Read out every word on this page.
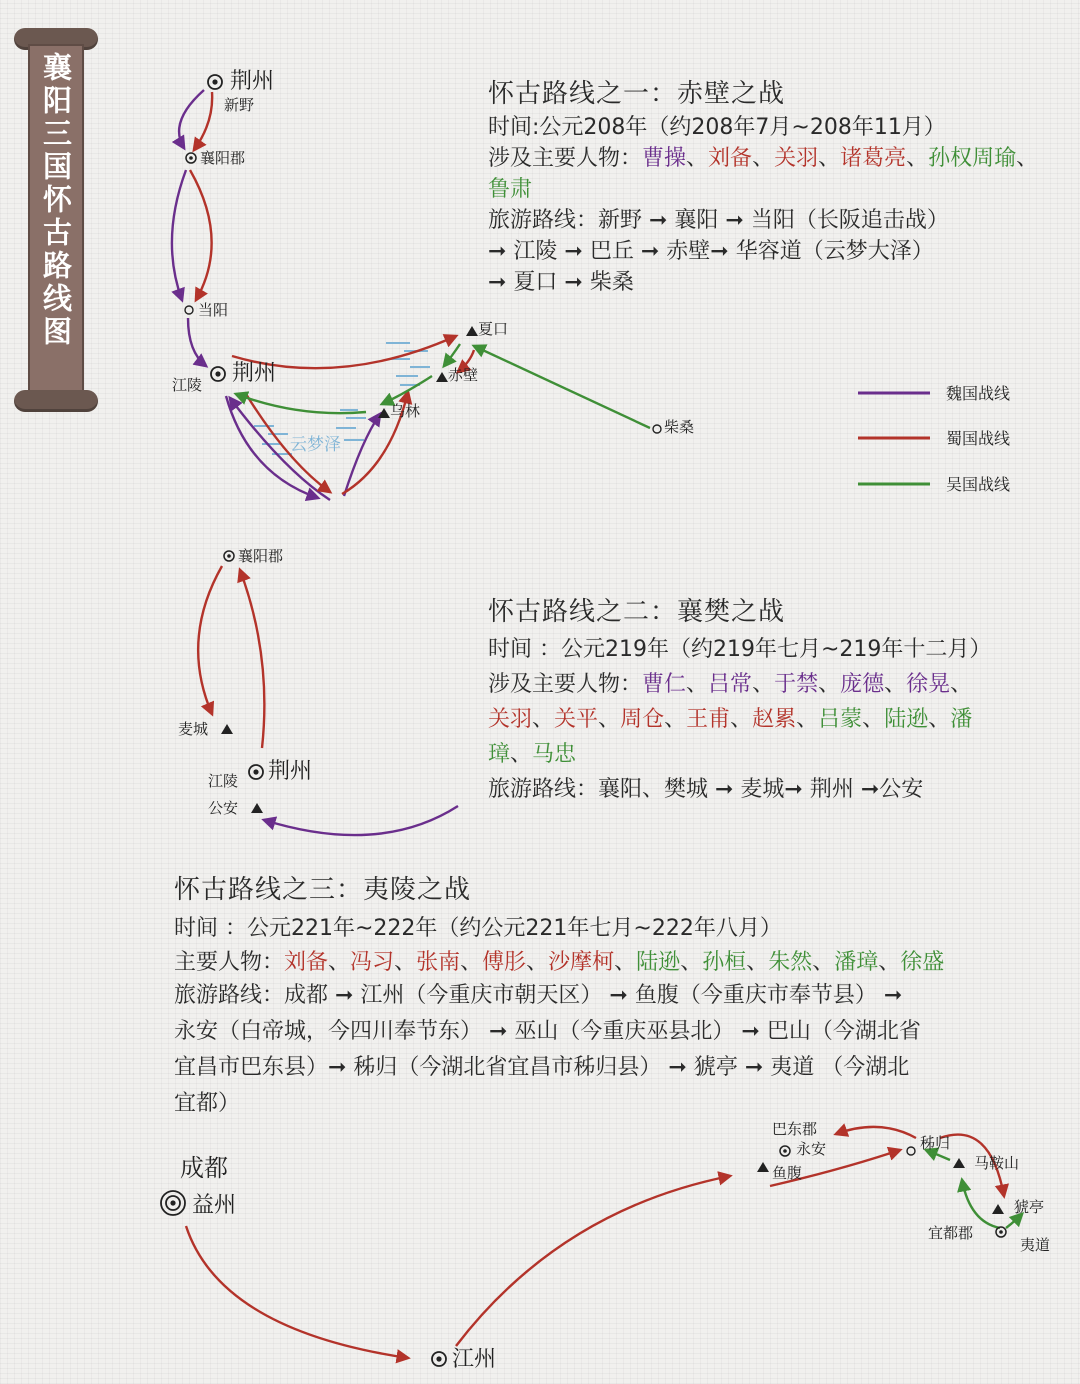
襄阳三国怀古路线图	荆州
新野
襄阳郡
当阳
江陵 荆州
夏口
赤壁
乌林
云梦泽
柴桑
魏国战线
蜀国战线
吴国战线
襄阳郡
麦城
江陵 荆州
公安
成都
益州
江州
巴东郡
永安
鱼腹
秭归
马鞍山
猇亭
宜都郡
夷道

怀古路线之一：赤壁之战

时间:公元208年（约208年7月~208年11月）

涉及主要人物：曹操、刘备、关羽、诸葛亮、孙权周瑜、鲁肃

旅游路线：新野 ➞ 襄阳 ➞ 当阳（长阪追击战）

➞ 江陵 ➞ 巴丘 ➞ 赤壁➞ 华容道（云梦大泽）

➞ 夏口 ➞ 柴桑

怀古路线之二：襄樊之战

时间 ：公元219年（约219年七月~219年十二月）

涉及主要人物：曹仁、吕常、于禁、庞德、徐晃、

关羽、关平、周仓、王甫、赵累、吕蒙、陆逊、潘

璋、马忠

旅游路线：襄阳、樊城 ➞ 麦城➞ 荆州 ➞公安

怀古路线之三：夷陵之战

时间 ：公元221年~222年（约公元221年七月~222年八月）

主要人物：刘备、冯习、张南、傅肜、沙摩柯、陆逊、孙桓、朱然、潘璋、徐盛

旅游路线：成都 ➞ 江州（今重庆市朝天区） ➞ 鱼腹（今重庆市奉节县） ➞

永安（白帝城，今四川奉节东） ➞ 巫山（今重庆巫县北） ➞ 巴山（今湖北省

宜昌市巴东县）➞ 秭归（今湖北省宜昌市秭归县） ➞ 猇亭 ➞ 夷道 （今湖北

宜都）
